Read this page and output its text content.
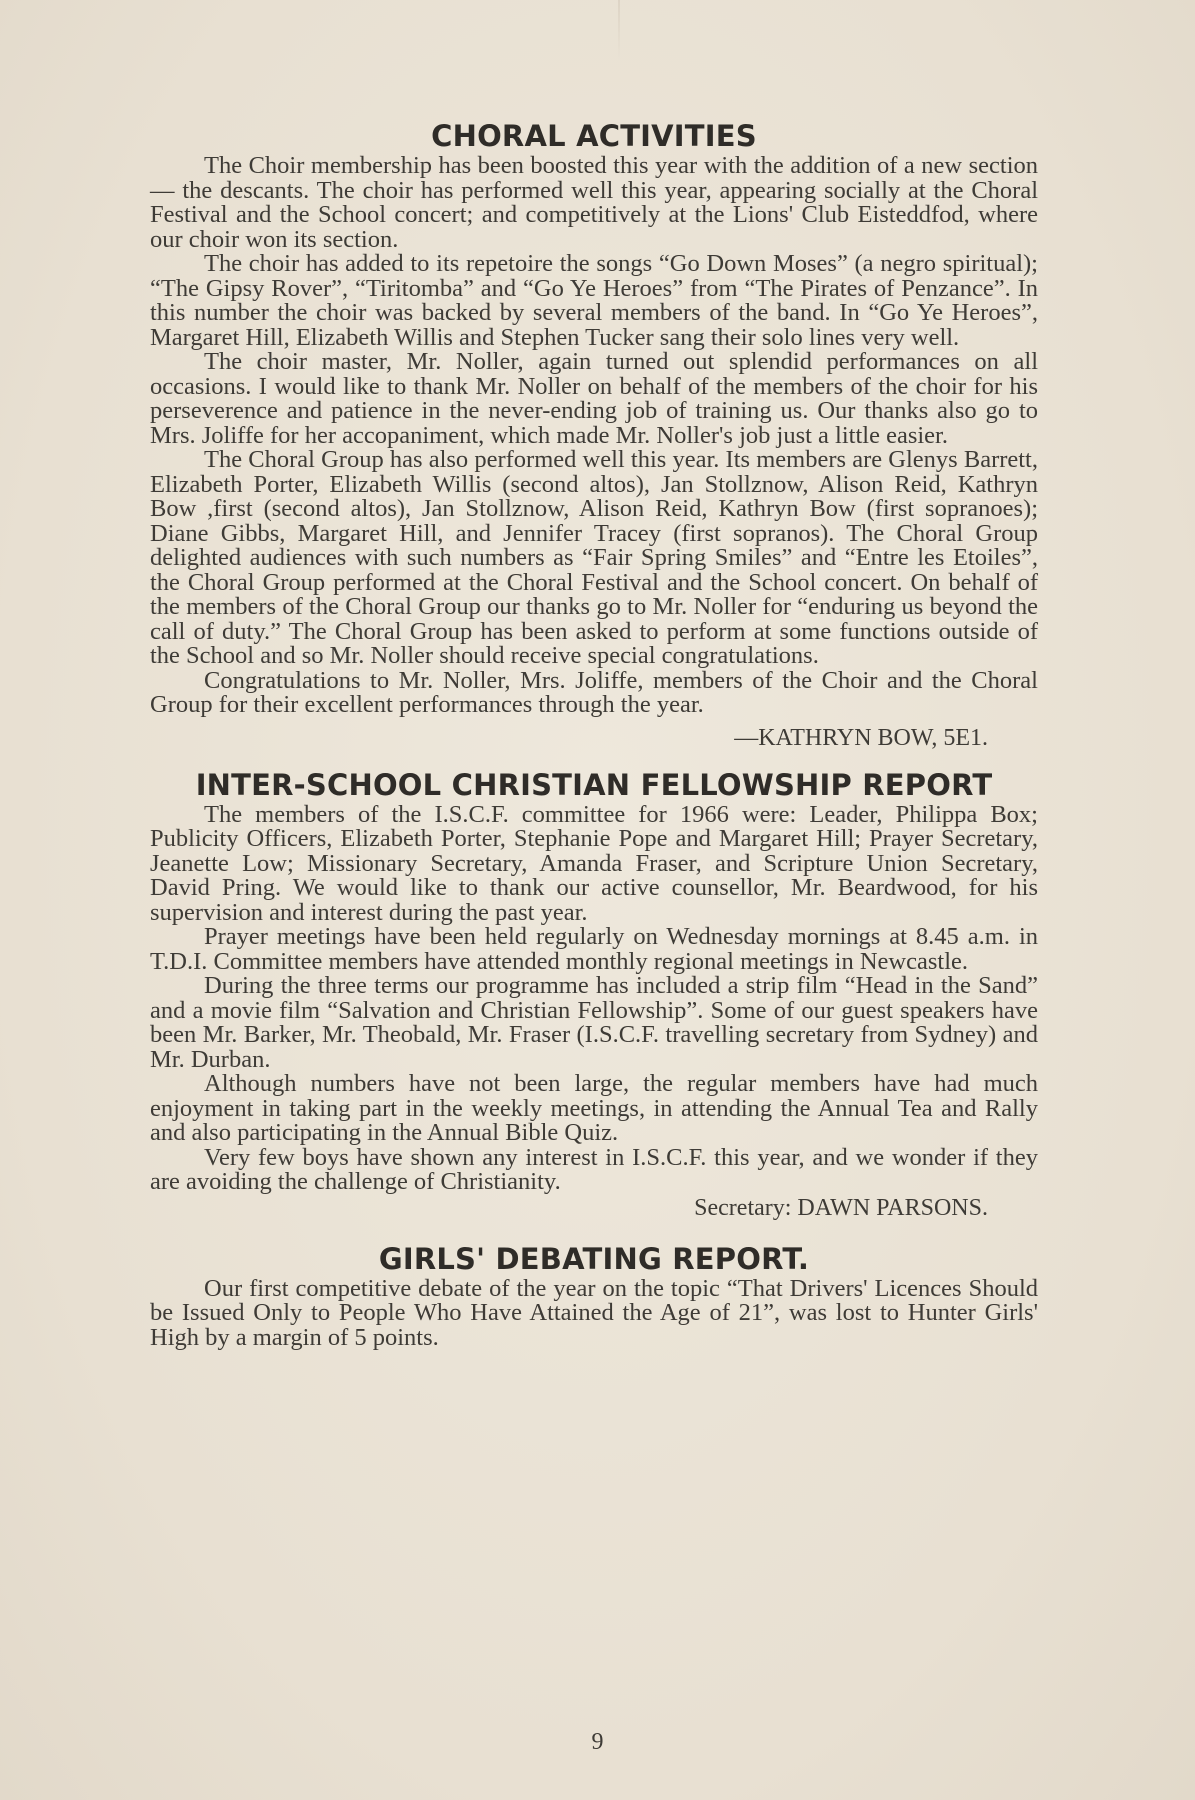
CHORAL ACTIVITIES

The Choir membership has been boosted this year with the addition of a new section — the descants. The choir has performed well this year, appearing socially at the Choral Festival and the School concert; and competitively at the Lions' Club Eisteddfod, where our choir won its section.

The choir has added to its repetoire the songs “Go Down Moses” (a negro spiritual); “The Gipsy Rover”, “Tiritomba” and “Go Ye Heroes” from “The Pirates of Penzance”. In this number the choir was backed by several members of the band. In “Go Ye Heroes”, Margaret Hill, Elizabeth Willis and Stephen Tucker sang their solo lines very well.

The choir master, Mr. Noller, again turned out splendid performances on all occasions. I would like to thank Mr. Noller on behalf of the members of the choir for his perseverence and patience in the never-ending job of training us. Our thanks also go to Mrs. Joliffe for her accopaniment, which made Mr. Noller's job just a little easier.

The Choral Group has also performed well this year. Its members are Glenys Barrett, Elizabeth Porter, Elizabeth Willis (second altos), Jan Stollznow, Alison Reid, Kathryn Bow ,first (second altos), Jan Stollznow, Alison Reid, Kathryn Bow (first sopranoes); Diane Gibbs, Margaret Hill, and Jennifer Tracey (first sopranos). The Choral Group delighted audiences with such numbers as “Fair Spring Smiles” and “Entre les Etoiles”, the Choral Group performed at the Choral Festival and the School concert. On behalf of the members of the Choral Group our thanks go to Mr. Noller for “enduring us beyond the call of duty.” The Choral Group has been asked to perform at some functions outside of the School and so Mr. Noller should receive special congratulations.

Congratulations to Mr. Noller, Mrs. Joliffe, members of the Choir and the Choral Group for their excellent performances through the year.

—KATHRYN BOW, 5E1.

INTER-SCHOOL CHRISTIAN FELLOWSHIP REPORT

The members of the I.S.C.F. committee for 1966 were: Leader, Philippa Box; Publicity Officers, Elizabeth Porter, Stephanie Pope and Margaret Hill; Prayer Secretary, Jeanette Low; Missionary Secretary, Amanda Fraser, and Scripture Union Secretary, David Pring. We would like to thank our active counsellor, Mr. Beardwood, for his supervision and interest during the past year.

Prayer meetings have been held regularly on Wednesday mornings at 8.45 a.m. in T.D.I. Committee members have attended monthly regional meetings in Newcastle.

During the three terms our programme has included a strip film “Head in the Sand” and a movie film “Salvation and Christian Fellowship”. Some of our guest speakers have been Mr. Barker, Mr. Theobald, Mr. Fraser (I.S.C.F. travelling secretary from Sydney) and Mr. Durban.

Although numbers have not been large, the regular members have had much enjoyment in taking part in the weekly meetings, in attending the Annual Tea and Rally and also participating in the Annual Bible Quiz.

Very few boys have shown any interest in I.S.C.F. this year, and we wonder if they are avoiding the challenge of Christianity.

Secretary: DAWN PARSONS.

GIRLS' DEBATING REPORT.

Our first competitive debate of the year on the topic “That Drivers' Licences Should be Issued Only to People Who Have Attained the Age of 21”, was lost to Hunter Girls' High by a margin of 5 points.

9
